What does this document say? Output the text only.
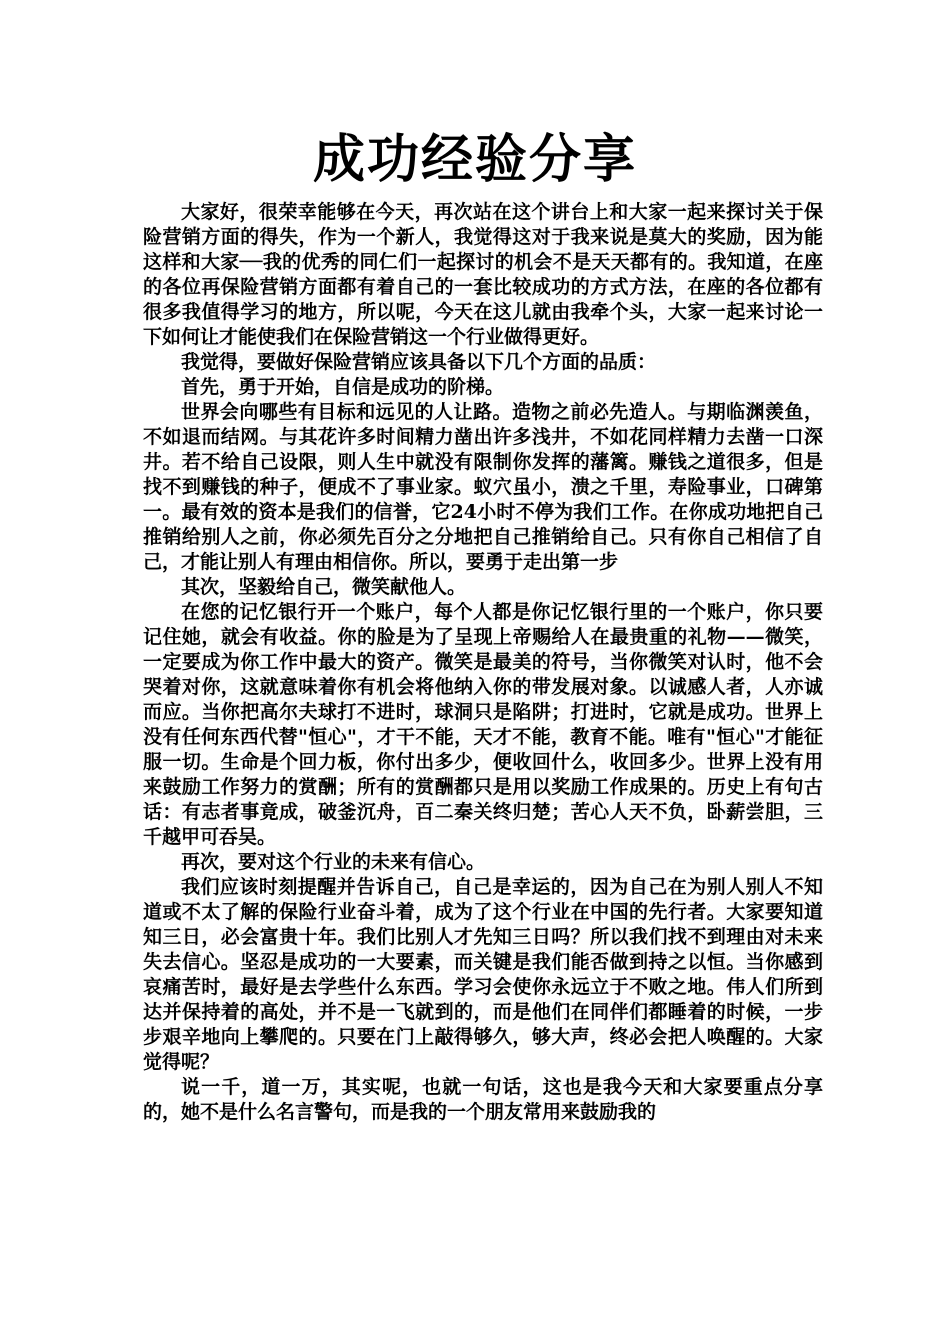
成功经验分享

大家好，很荣幸能够在今天，再次站在这个讲台上和大家一起来探讨关于保险营销方面的得失，作为一个新人，我觉得这对于我来说是莫大的奖励，因为能这样和大家──我的优秀的同仁们一起探讨的机会不是天天都有的。我知道，在座的各位再保险营销方面都有着自己的一套比较成功的方式方法，在座的各位都有很多我值得学习的地方，所以呢，今天在这儿就由我牵个头，大家一起来讨论一下如何让才能使我们在保险营销这一个行业做得更好。

我觉得，要做好保险营销应该具备以下几个方面的品质：

首先，勇于开始，自信是成功的阶梯。

世界会向哪些有目标和远见的人让路。造物之前必先造人。与期临渊羡鱼，不如退而结网。与其花许多时间精力凿出许多浅井，不如花同样精力去凿一口深井。若不给自己设限，则人生中就没有限制你发挥的藩篱。赚钱之道很多，但是找不到赚钱的种子，便成不了事业家。蚁穴虽小，溃之千里，寿险事业，口碑第一。最有效的资本是我们的信誉，它24小时不停为我们工作。在你成功地把自己推销给别人之前，你必须先百分之分地把自己推销给自己。只有你自己相信了自己，才能让别人有理由相信你。所以，要勇于走出第一步

其次，坚毅给自己，微笑献他人。

在您的记忆银行开一个账户，每个人都是你记忆银行里的一个账户，你只要记住她，就会有收益。你的脸是为了呈现上帝赐给人在最贵重的礼物——微笑，一定要成为你工作中最大的资产。微笑是最美的符号，当你微笑对认时，他不会哭着对你，这就意味着你有机会将他纳入你的带发展对象。以诚感人者，人亦诚而应。当你把高尔夫球打不进时，球洞只是陷阱；打进时，它就是成功。世界上没有任何东西代替"恒心"，才干不能，天才不能，教育不能。唯有"恒心"才能征服一切。生命是个回力板，你付出多少，便收回什么，收回多少。世界上没有用来鼓励工作努力的赏酬；所有的赏酬都只是用以奖励工作成果的。历史上有句古话：有志者事竟成，破釜沉舟，百二秦关终归楚；苦心人天不负，卧薪尝胆，三千越甲可吞吴。

再次，要对这个行业的未来有信心。

我们应该时刻提醒并告诉自己，自己是幸运的，因为自己在为别人别人不知道或不太了解的保险行业奋斗着，成为了这个行业在中国的先行者。大家要知道知三日，必会富贵十年。我们比别人才先知三日吗？所以我们找不到理由对未来失去信心。坚忍是成功的一大要素，而关键是我们能否做到持之以恒。当你感到哀痛苦时，最好是去学些什么东西。学习会使你永远立于不败之地。伟人们所到达并保持着的高处，并不是一飞就到的，而是他们在同伴们都睡着的时候，一步步艰辛地向上攀爬的。只要在门上敲得够久，够大声，终必会把人唤醒的。大家觉得呢？

说一千，道一万，其实呢，也就一句话，这也是我今天和大家要重点分享的，她不是什么名言警句，而是我的一个朋友常用来鼓励我的
